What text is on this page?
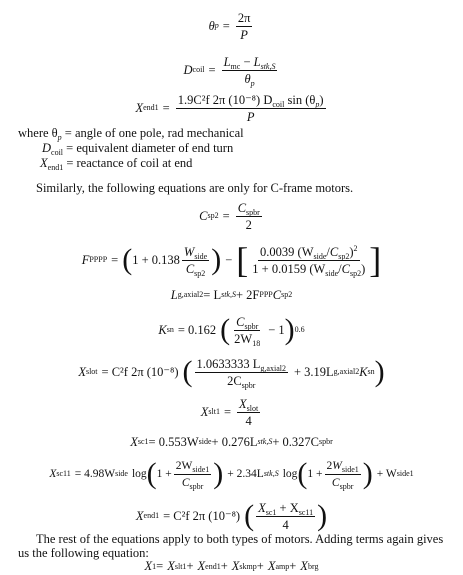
θ $p = \frac{2\pi}{P}$
D coil = $\frac{L_{mc} - L_{stk,S}}{\theta_p}$
X $end1 = \frac{1.9C^2f 2\pi (10^{-8}) D_{coil} \sin (\theta_p)}{P}$
where $\theta_p$ = angle of one pole, rad mechanical
$D_{coil}$ = equivalent diameter of end turn
$X_{end1}$ = reactance of coil at end
Similarly, the following equations are only for C-frame motors.
C $sp2 = \frac{C_{spbr}}{2}$
F PPPP = ( $1 + 0.138 \frac{W_{side}}{C_{sp2}}$ ) − [ $\frac{0.0039 (W_{side}/C_{sp2})^2}{1 + 0.0159 (W_{side}/C_{sp2})}$ ]
L g,axial2 = L stk,S + 2F PPP C sp2
K sn = 0.162 ( $\frac{C_{spbr}}{2W_{18}} - 1$ ) 0.6
X slot = C²f 2π (10⁻⁸) ( $\frac{1.0633333 L_{g,axial2}}{2C_{spbr}} + 3.19L$ g,axial2 K sn )
X $slt1 = \frac{X_{slot}}{4}$
X sc1 = 0.553W side + 0.276L stk,S + 0.327C spbr
X sc11 = 4.98W side log ( $1 + \frac{2W_{side1}}{C_{spbr}}$ ) + 2.34L stk,S log ( $1 + \frac{2W_{side1}}{C_{spbr}}$ ) + W side1
X end1 = C²f 2π (10⁻⁸) ( $\frac{X_{sc1} + X_{sc11}}{4}$ )
The rest of the equations apply to both types of motors. Adding terms again gives
us the following equation:
X 1 = X slt1 + X end1 + X skmp + X amp + X brg
